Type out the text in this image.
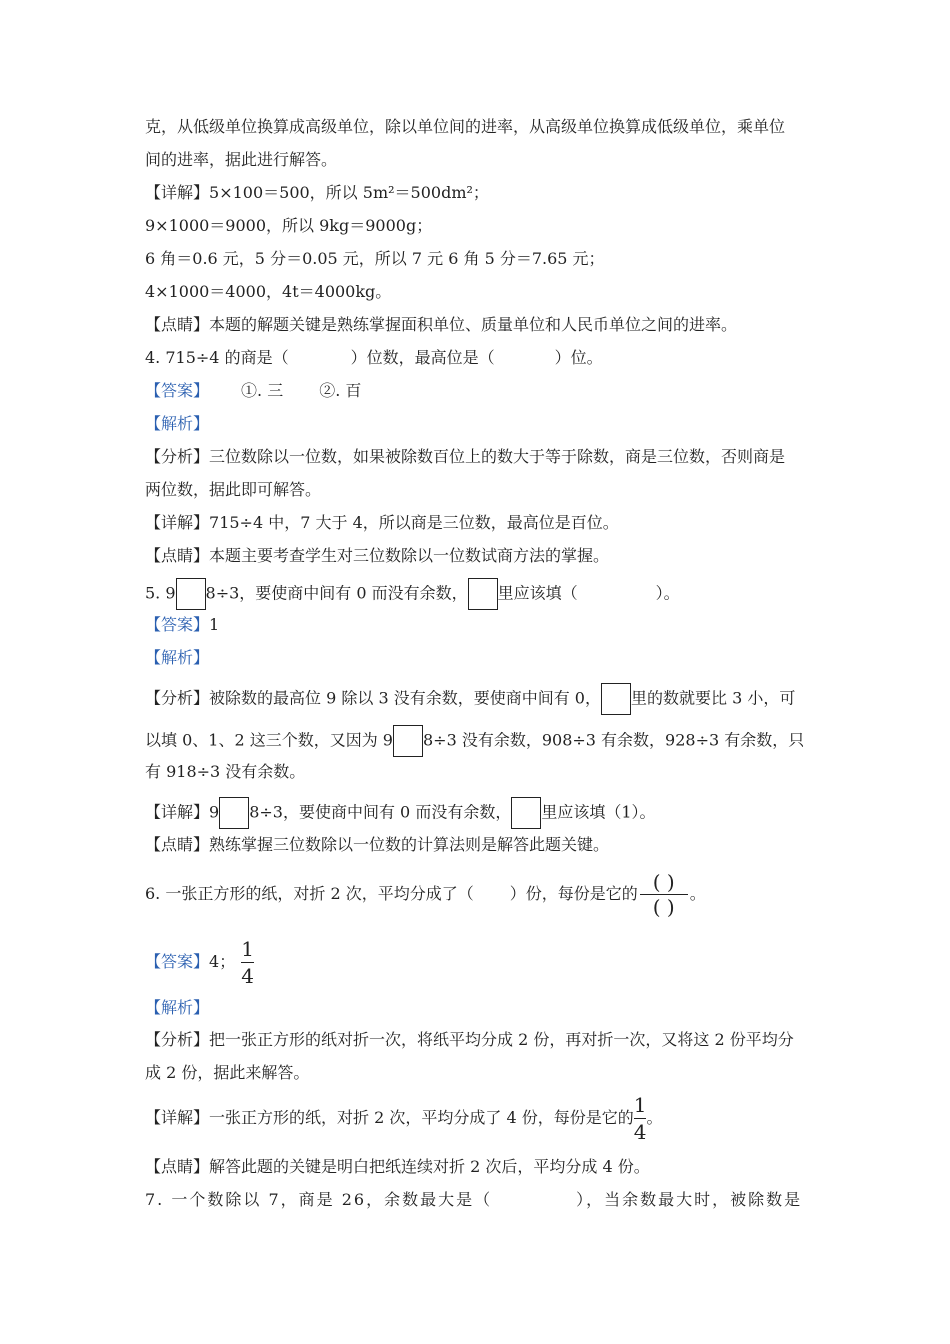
克，从低级单位换算成高级单位，除以单位间的进率，从高级单位换算成低级单位，乘单位
间的进率，据此进行解答。
【详解】5×100＝500，所以 5m²＝500dm²；
9×1000＝9000，所以 9kg＝9000g；
6 角＝0.6 元，5 分＝0.05 元，所以 7 元 6 角 5 分＝7.65 元；
4×1000＝4000，4t＝4000kg。
【点睛】本题的解题关键是熟练掌握面积单位、质量单位和人民币单位之间的进率。
4. 715÷4 的商是（	）位数，最高位是（	）位。
【答案】 ①. 三 ②. 百
【解析】
【分析】三位数除以一位数，如果被除数百位上的数大于等于除数，商是三位数，否则商是
两位数，据此即可解答。
【详解】715÷4 中，7 大于 4，所以商是三位数，最高位是百位。
【点睛】本题主要考查学生对三位数除以一位数试商方法的掌握。
5. 9 8÷3，要使商中间有 0 而没有余数， 里应该填（	）。
【答案】1
【解析】
【分析】被除数的最高位 9 除以 3 没有余数，要使商中间有 0， 里的数就要比 3 小，可
以填 0、1、2 这三个数，又因为 9 8÷3 没有余数，908÷3 有余数，928÷3 有余数，只
有 918÷3 没有余数。
【详解】9 8÷3，要使商中间有 0 而没有余数， 里应该填（1）。
【点睛】熟练掌握三位数除以一位数的计算法则是解答此题关键。
6. 一张正方形的纸，对折 2 次，平均分成了（ ）份，每份是它的 $\frac{( )}{( )}$ 。
【答案】4； $\frac{1}{4}$
【解析】
【分析】把一张正方形的纸对折一次，将纸平均分成 2 份，再对折一次，又将这 2 份平均分
成 2 份，据此来解答。
【详解】一张正方形的纸，对折 2 次，平均分成了 4 份，每份是它的 $\frac{1}{4}$ 。
【点睛】解答此题的关键是明白把纸连续对折 2 次后，平均分成 4 份。
7. 一个数除以 7，商是 26，余数最大是（	），当余数最大时，被除数是
